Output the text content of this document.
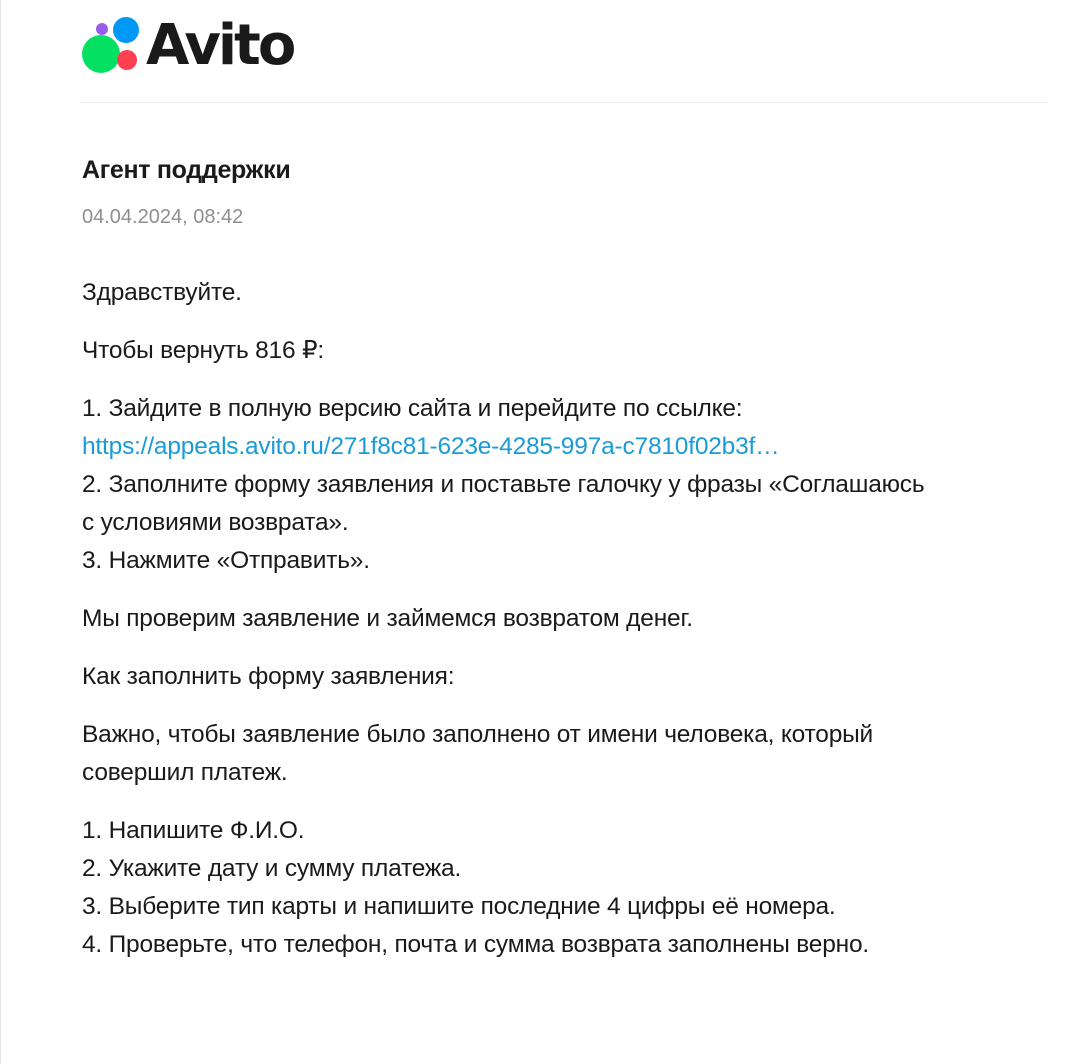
Avito
Агент поддержки
04.04.2024, 08:42

Здравствуйте.

Чтобы вернуть 816 ₽:

1. Зайдите в полную версию сайта и перейдите по ссылке:
https://appeals.avito.ru/271f8c81-623e-4285-997a-c7810f02b3f…
2. Заполните форму заявления и поставьте галочку у фразы «Соглашаюсь
с условиями возврата».
3. Нажмите «Отправить».

Мы проверим заявление и займемся возвратом денег.

Как заполнить форму заявления:

Важно, чтобы заявление было заполнено от имени человека, который
совершил платеж.

1. Напишите Ф.И.О.
2. Укажите дату и сумму платежа.
3. Выберите тип карты и напишите последние 4 цифры её номера.
4. Проверьте, что телефон, почта и сумма возврата заполнены верно.
